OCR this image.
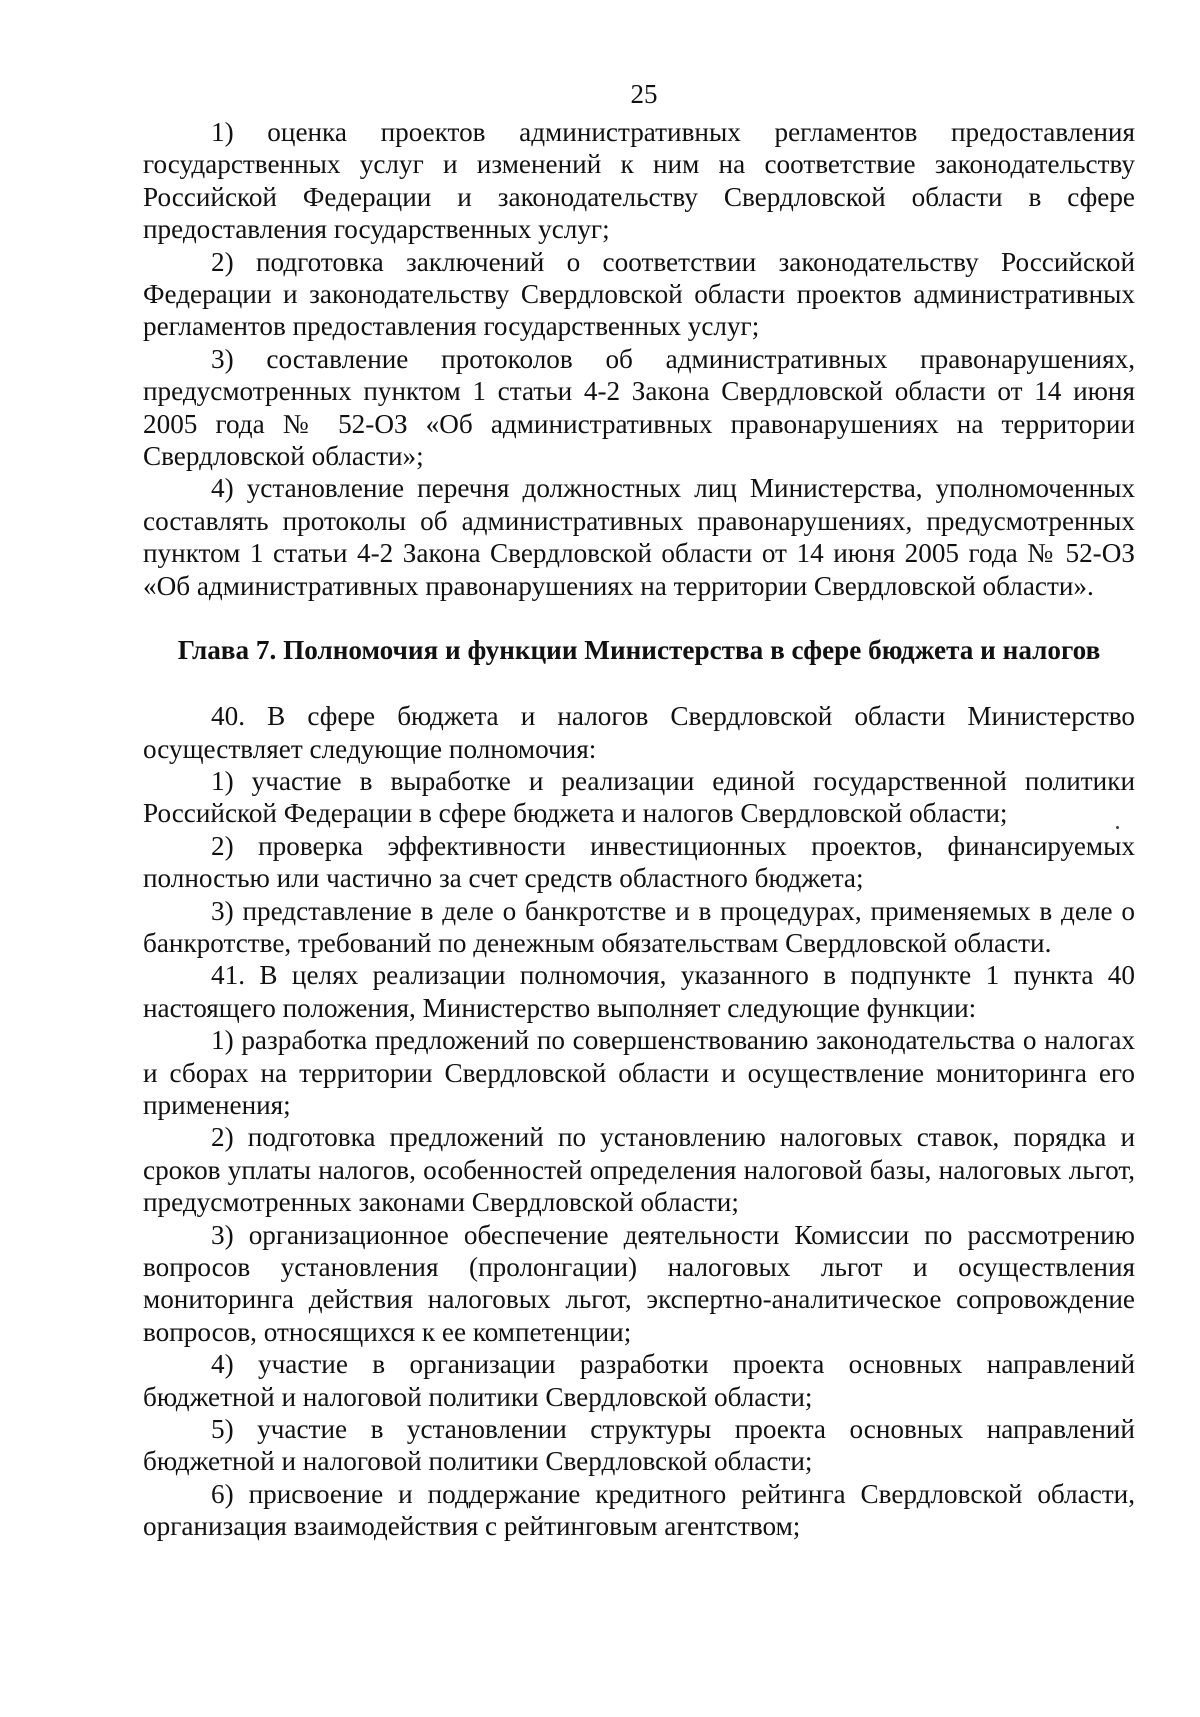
25

1) оценка проектов административных регламентов предоставления государственных услуг и изменений к ним на соответствие законодательству Российской Федерации и законодательству Свердловской области в сфере предоставления государственных услуг;

2) подготовка заключений о соответствии законодательству Российской Федерации и законодательству Свердловской области проектов административных регламентов предоставления государственных услуг;

3) составление протоколов об административных правонарушениях, предусмотренных пунктом 1 статьи 4-2 Закона Свердловской области от 14 июня 2005 года № 52-ОЗ «Об административных правонарушениях на территории Свердловской области»;

4) установление перечня должностных лиц Министерства, уполномоченных составлять протоколы об административных правонарушениях, предусмотренных пунктом 1 статьи 4-2 Закона Свердловской области от 14 июня 2005 года № 52-ОЗ «Об административных правонарушениях на территории Свердловской области».

Глава 7. Полномочия и функции Министерства в сфере бюджета и налогов

40. В сфере бюджета и налогов Свердловской области Министерство осуществляет следующие полномочия:

1) участие в выработке и реализации единой государственной политики Российской Федерации в сфере бюджета и налогов Свердловской области;

2) проверка эффективности инвестиционных проектов, финансируемых полностью или частично за счет средств областного бюджета;

3) представление в деле о банкротстве и в процедурах, применяемых в деле о банкротстве, требований по денежным обязательствам Свердловской области.

41. В целях реализации полномочия, указанного в подпункте 1 пункта 40 настоящего положения, Министерство выполняет следующие функции:

1) разработка предложений по совершенствованию законодательства о налогах и сборах на территории Свердловской области и осуществление мониторинга его применения;

2) подготовка предложений по установлению налоговых ставок, порядка и сроков уплаты налогов, особенностей определения налоговой базы, налоговых льгот, предусмотренных законами Свердловской области;

3) организационное обеспечение деятельности Комиссии по рассмотрению вопросов установления (пролонгации) налоговых льгот и осуществления мониторинга действия налоговых льгот, экспертно-аналитическое сопровождение вопросов, относящихся к ее компетенции;

4) участие в организации разработки проекта основных направлений бюджетной и налоговой политики Свердловской области;

5) участие в установлении структуры проекта основных направлений бюджетной и налоговой политики Свердловской области;

6) присвоение и поддержание кредитного рейтинга Свердловской области, организация взаимодействия с рейтинговым агентством;
